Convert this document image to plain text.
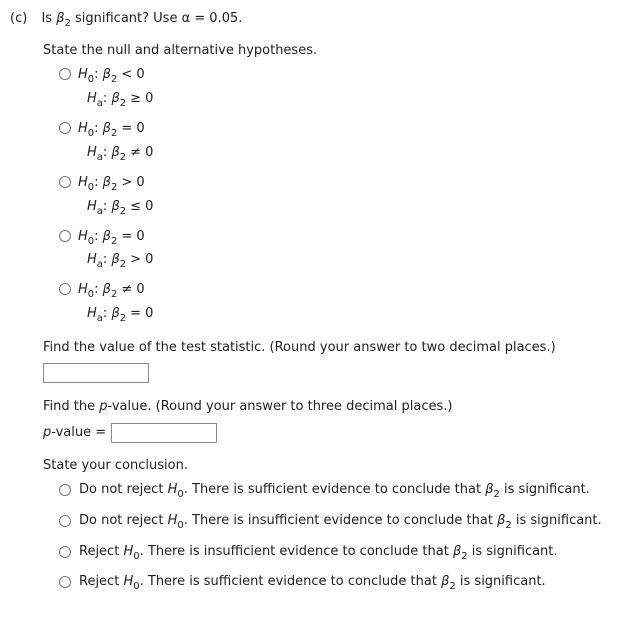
(c) Is $\beta_2$ significant? Use α = 0.05.
State the null and alternative hypotheses.
$H_0$: $\beta_2 < 0$
$H_a$: $\beta_2 \ge 0$
$H_0$: $\beta_2 = 0$
$H_a$: $\beta_2 \ne 0$
$H_0$: $\beta_2 > 0$
$H_a$: $\beta_2 \le 0$
$H_0$: $\beta_2 = 0$
$H_a$: $\beta_2 > 0$
$H_0$: $\beta_2 \ne 0$
$H_a$: $\beta_2 = 0$
Find the value of the test statistic. (Round your answer to two decimal places.)
Find the p-value. (Round your answer to three decimal places.)
p-value =
State your conclusion.
Do not reject $H_0$. There is sufficient evidence to conclude that $\beta_2$ is significant.
Do not reject $H_0$. There is insufficient evidence to conclude that $\beta_2$ is significant.
Reject $H_0$. There is insufficient evidence to conclude that $\beta_2$ is significant.
Reject $H_0$. There is sufficient evidence to conclude that $\beta_2$ is significant.
